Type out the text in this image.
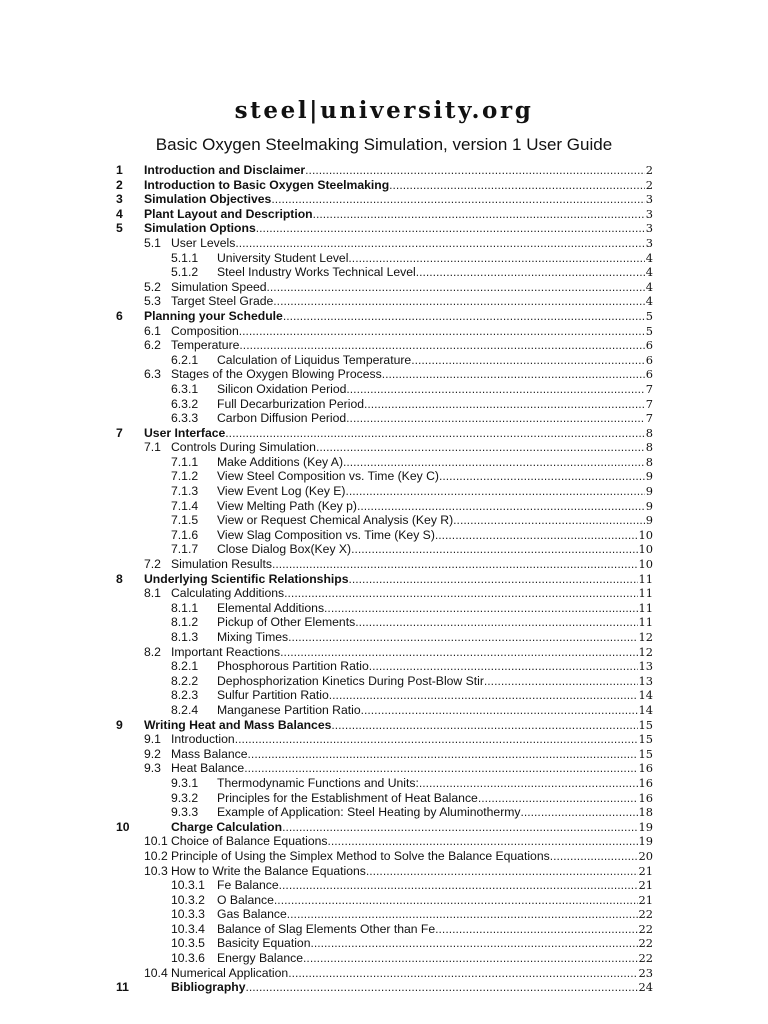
steel|university.org
Basic Oxygen Steelmaking Simulation, version 1 User Guide
1 Introduction and Disclaimer .....	2
2 Introduction to Basic Oxygen Steelmaking .....	2
3 Simulation Objectives .....	3
4 Plant Layout and Description .....	3
5 Simulation Options .....	3
5.1 User Levels .....	3
5.1.1 University Student Level .....	4
5.1.2 Steel Industry Works Technical Level .....	4
5.2 Simulation Speed .....	4
5.3 Target Steel Grade .....	4
6 Planning your Schedule .....	5
6.1 Composition .....	5
6.2 Temperature .....	6
6.2.1 Calculation of Liquidus Temperature .....	6
6.3 Stages of the Oxygen Blowing Process .....	6
6.3.1 Silicon Oxidation Period .....	7
6.3.2 Full Decarburization Period .....	7
6.3.3 Carbon Diffusion Period .....	7
7 User Interface .....	8
7.1 Controls During Simulation .....	8
7.1.1 Make Additions (Key A) .....	8
7.1.2 View Steel Composition vs. Time (Key C) .....	9
7.1.3 View Event Log (Key E) .....	9
7.1.4 View Melting Path (Key p) .....	9
7.1.5 View or Request Chemical Analysis (Key R) .....	9
7.1.6 View Slag Composition vs. Time (Key S) .....	10
7.1.7 Close Dialog Box(Key X) .....	10
7.2 Simulation Results .....	10
8 Underlying Scientific Relationships .....	11
8.1 Calculating Additions .....	11
8.1.1 Elemental Additions .....	11
8.1.2 Pickup of Other Elements .....	11
8.1.3 Mixing Times .....	12
8.2 Important Reactions .....	12
8.2.1 Phosphorous Partition Ratio .....	13
8.2.2 Dephosphorization Kinetics During Post-Blow Stir .....	13
8.2.3 Sulfur Partition Ratio .....	14
8.2.4 Manganese Partition Ratio .....	14
9 Writing Heat and Mass Balances .....	15
9.1 Introduction .....	15
9.2 Mass Balance .....	15
9.3 Heat Balance .....	16
9.3.1 Thermodynamic Functions and Units: .....	16
9.3.2 Principles for the Establishment of Heat Balance .....	16
9.3.3 Example of Application: Steel Heating by Aluminothermy .....	18
10	Charge Calculation .....	19
10.1 Choice of Balance Equations .....	19
10.2 Principle of Using the Simplex Method to Solve the Balance Equations .....	20
10.3 How to Write the Balance Equations .....	21
10.3.1 Fe Balance .....	21
10.3.2 O Balance .....	21
10.3.3 Gas Balance .....	22
10.3.4 Balance of Slag Elements Other than Fe .....	22
10.3.5 Basicity Equation .....	22
10.3.6 Energy Balance .....	22
10.4 Numerical Application .....	23
11	Bibliography .....	24
